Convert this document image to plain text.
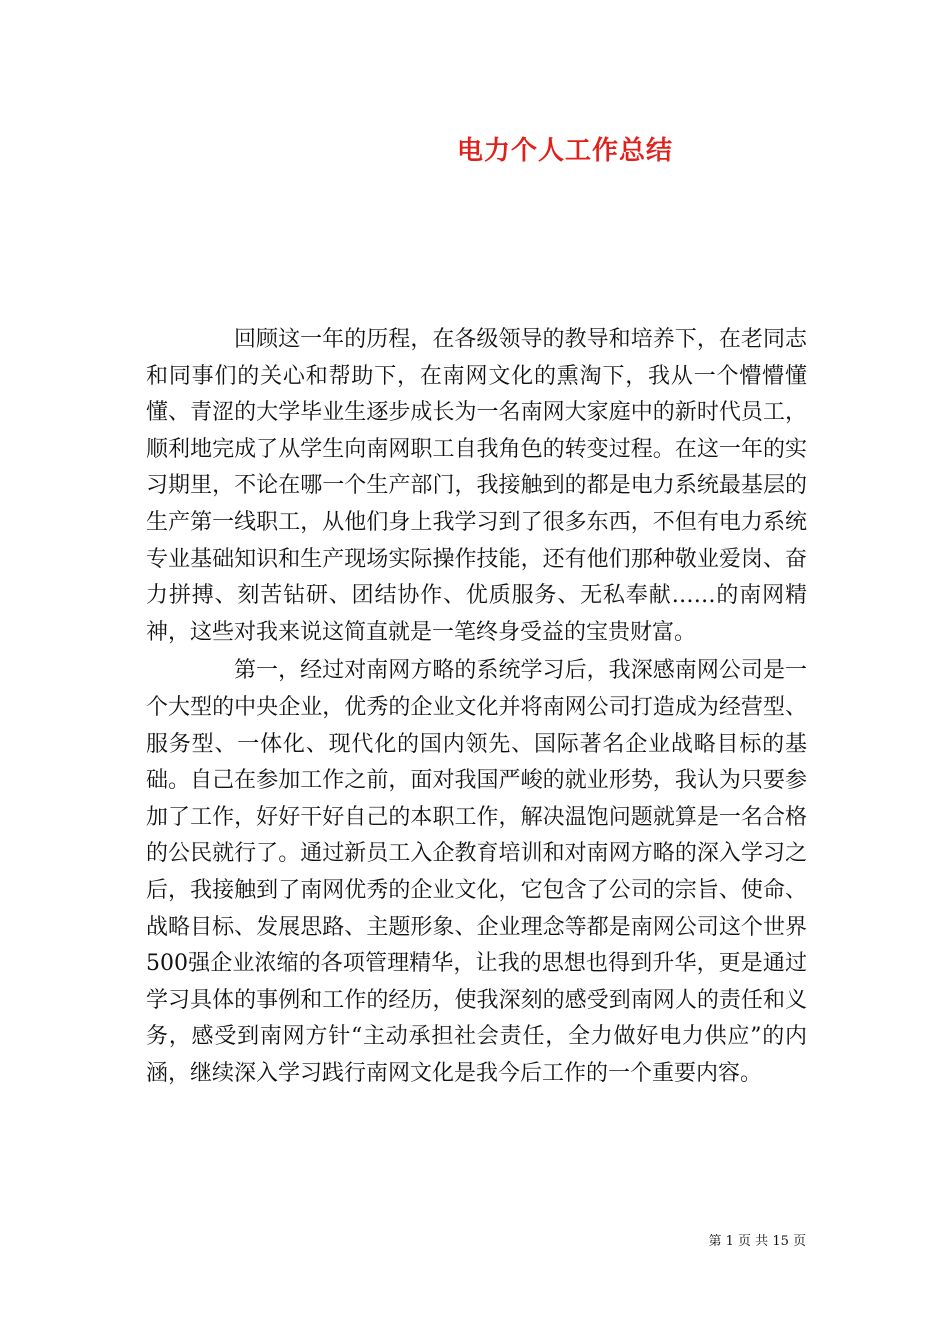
电力个人工作总结

回顾这一年的历程，在各级领导的教导和培养下，在老同志和同事们的关心和帮助下，在南网文化的熏淘下，我从一个懵懵懂懂、青涩的大学毕业生逐步成长为一名南网大家庭中的新时代员工，顺利地完成了从学生向南网职工自我角色的转变过程。在这一年的实习期里，不论在哪一个生产部门，我接触到的都是电力系统最基层的生产第一线职工，从他们身上我学习到了很多东西，不但有电力系统专业基础知识和生产现场实际操作技能，还有他们那种敬业爱岗、奋力拼搏、刻苦钻研、团结协作、优质服务、无私奉献……的南网精神，这些对我来说这简直就是一笔终身受益的宝贵财富。

第一，经过对南网方略的系统学习后，我深感南网公司是一个大型的中央企业，优秀的企业文化并将南网公司打造成为经营型、服务型、一体化、现代化的国内领先、国际著名企业战略目标的基础。自己在参加工作之前，面对我国严峻的就业形势，我认为只要参加了工作，好好干好自己的本职工作，解决温饱问题就算是一名合格的公民就行了。通过新员工入企教育培训和对南网方略的深入学习之后，我接触到了南网优秀的企业文化，它包含了公司的宗旨、使命、战略目标、发展思路、主题形象、企业理念等都是南网公司这个世界500强企业浓缩的各项管理精华，让我的思想也得到升华，更是通过学习具体的事例和工作的经历，使我深刻的感受到南网人的责任和义务，感受到南网方针“主动承担社会责任，全力做好电力供应”的内涵，继续深入学习践行南网文化是我今后工作的一个重要内容。

第 1 页 共 15 页
